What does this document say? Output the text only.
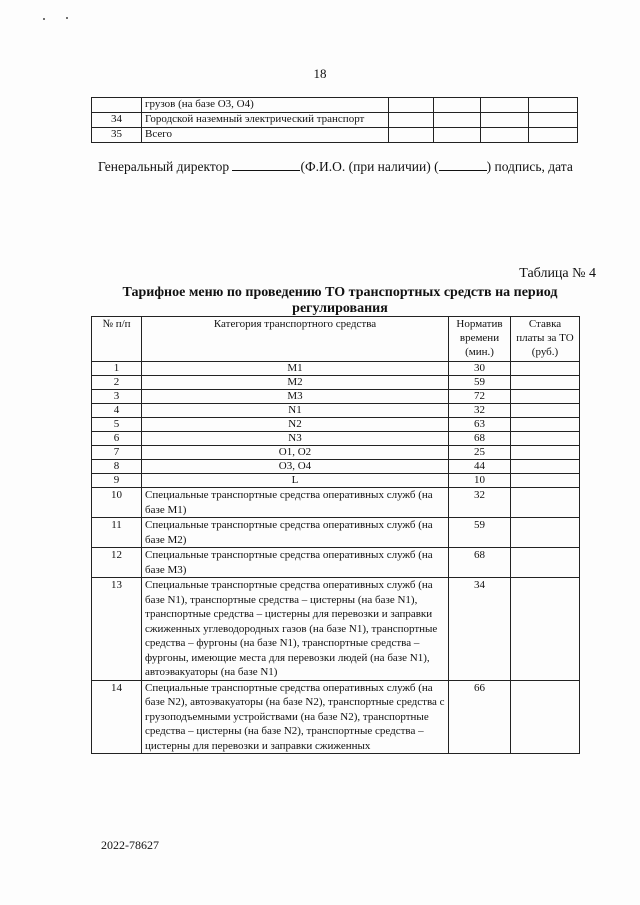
18
	грузов (на базе О3, О4)				
34	Городской наземный электрический транспорт				
35	Всего				
Генеральный директор	(Ф.И.О. (при наличии) (	) подпись, дата
Таблица № 4
Тарифное меню по проведению ТО транспортных средств на период регулирования
№ п/п	Категория транспортного средства	Норматив времени (мин.)	Ставка платы за ТО (руб.)
1	M1	30	
2	M2	59	
3	M3	72	
4	N1	32	
5	N2	63	
6	N3	68	
7	O1, O2	25	
8	O3, O4	44	
9	L	10	
10	Специальные транспортные средства оперативных служб (на базе M1)	32	
11	Специальные транспортные средства оперативных служб (на базе M2)	59	
12	Специальные транспортные средства оперативных служб (на базе M3)	68	
13	Специальные транспортные средства оперативных служб (на базе N1), транспортные средства – цистерны (на базе N1), транспортные средства – цистерны для перевозки и заправки сжиженных углеводородных газов (на базе N1), транспортные средства – фургоны (на базе N1), транспортные средства – фургоны, имеющие места для перевозки людей (на базе N1), автоэвакуаторы (на базе N1)	34	
14	Специальные транспортные средства оперативных служб (на базе N2), автоэвакуаторы (на базе N2), транспортные средства с грузоподъемными устройствами (на базе N2), транспортные средства – цистерны (на базе N2), транспортные средства – цистерны для перевозки и заправки сжиженных	66	
2022-78627
